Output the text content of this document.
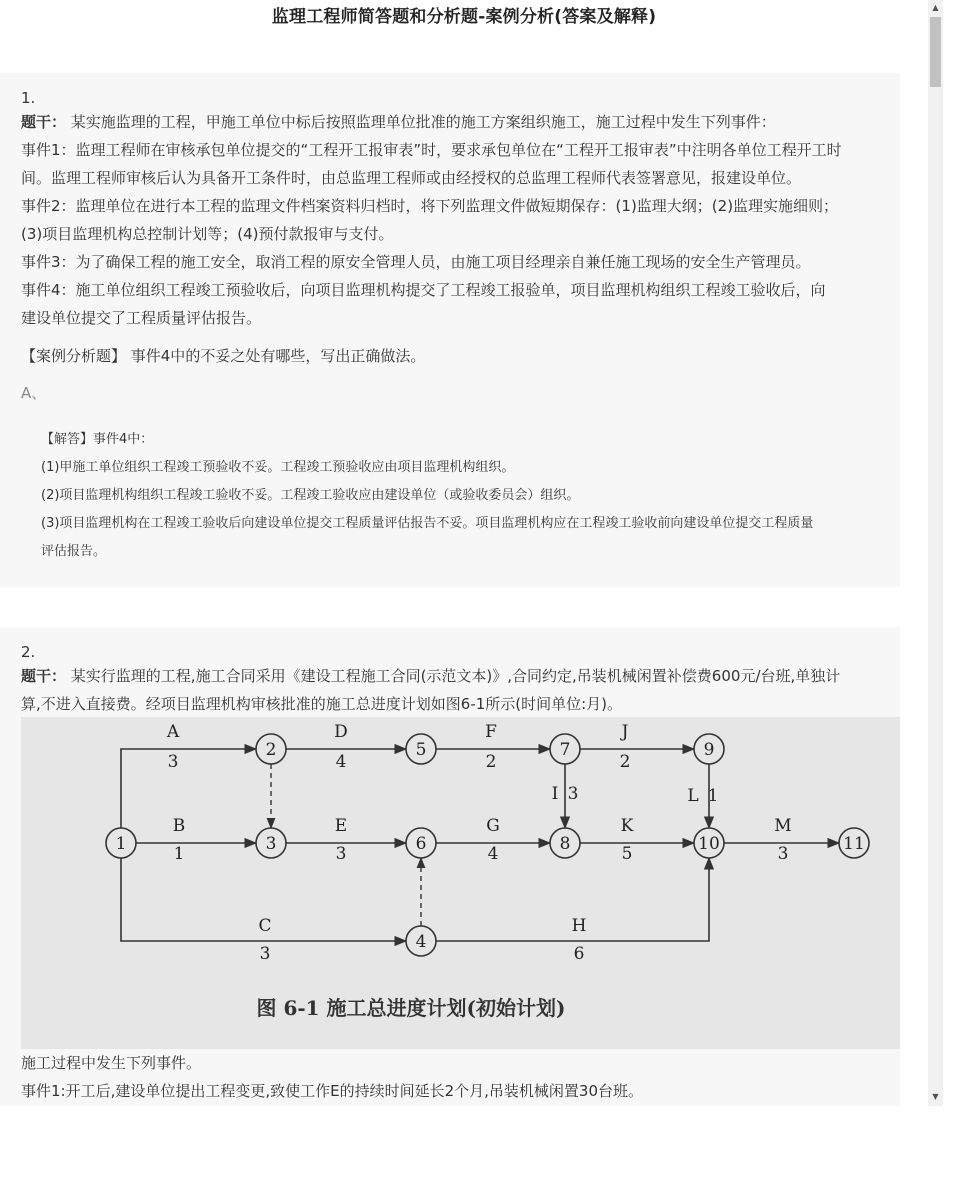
监理工程师简答题和分析题-案例分析(答案及解释)
1.
题干： 某实施监理的工程，甲施工单位中标后按照监理单位批准的施工方案组织施工，施工过程中发生下列事件：
事件1：监理工程师在审核承包单位提交的“工程开工报审表”时，要求承包单位在“工程开工报审表”中注明各单位工程开工时
间。监理工程师审核后认为具备开工条件时，由总监理工程师或由经授权的总监理工程师代表签署意见，报建设单位。
事件2：监理单位在进行本工程的监理文件档案资料归档时，将下列监理文件做短期保存：(1)监理大纲；(2)监理实施细则；
(3)项目监理机构总控制计划等；(4)预付款报审与支付。
事件3：为了确保工程的施工安全，取消工程的原安全管理人员，由施工项目经理亲自兼任施工现场的安全生产管理员。
事件4：施工单位组织工程竣工预验收后，向项目监理机构提交了工程竣工报验单，项目监理机构组织工程竣工验收后，向
建设单位提交了工程质量评估报告。
【案例分析题】 事件4中的不妥之处有哪些，写出正确做法。
A、
【解答】事件4中：
(1)甲施工单位组织工程竣工预验收不妥。工程竣工预验收应由项目监理机构组织。
(2)项目监理机构组织工程竣工验收不妥。工程竣工验收应由建设单位（或验收委员会）组织。
(3)项目监理机构在工程竣工验收后向建设单位提交工程质量评估报告不妥。项目监理机构应在工程竣工验收前向建设单位提交工程质量
评估报告。
2.
题干： 某实行监理的工程,施工合同采用《建设工程施工合同(示范文本)》,合同约定,吊装机械闲置补偿费600元/台班,单独计
算,不进入直接费。经项目监理机构审核批准的施工总进度计划如图6-1所示(时间单位:月)。
A
3
B
1
C
3
D
4
E
3
F
2
G
4
H
6
I 3
J
2
K
5
L 1
M
3
1
2
3
4
5
6
7
8
9
10	11
图 6-1 施工总进度计划(初始计划)
施工过程中发生下列事件。
事件1:开工后,建设单位提出工程变更,致使工作E的持续时间延长2个月,吊装机械闲置30台班。
▲
▼
